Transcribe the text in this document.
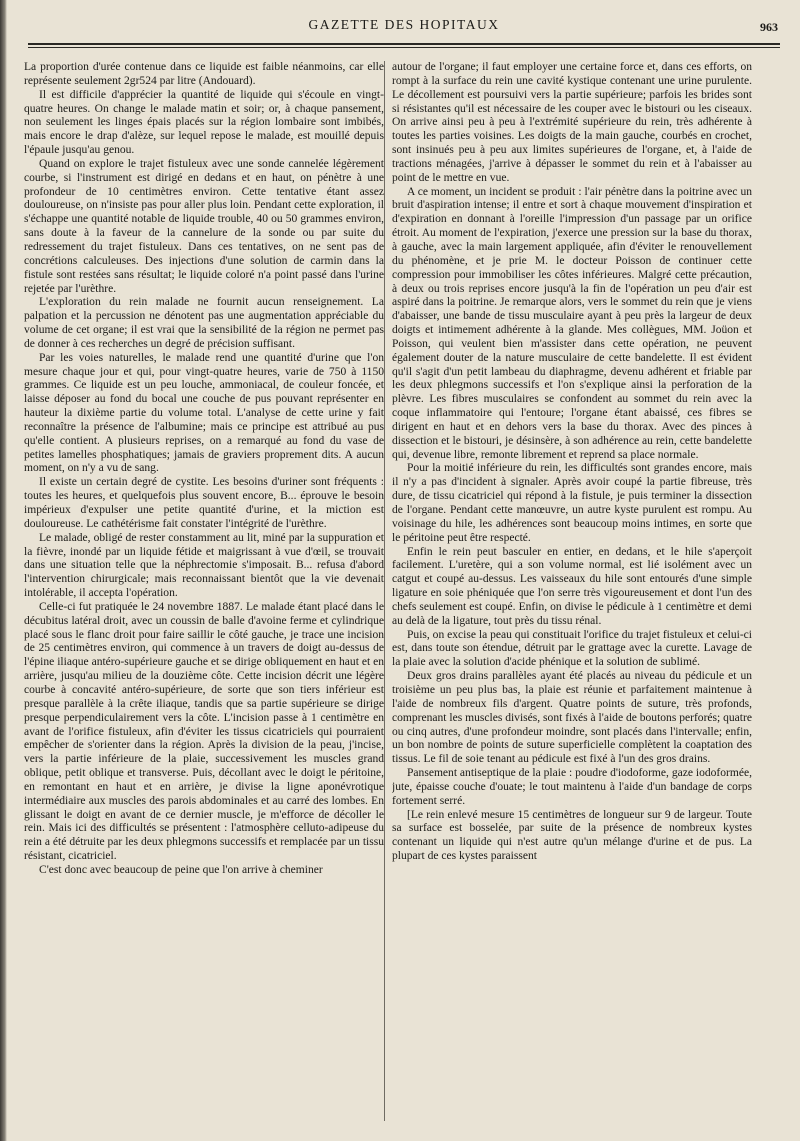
GAZETTE DES HOPITAUX	963

La proportion d'urée contenue dans ce liquide est faible néanmoins, car elle représente seulement 2gr524 par litre (Andouard).

Il est difficile d'apprécier la quantité de liquide qui s'écoule en vingt-quatre heures. On change le malade matin et soir; or, à chaque pansement, non seulement les linges épais placés sur la région lombaire sont imbibés, mais encore le drap d'alèze, sur lequel repose le malade, est mouillé depuis l'épaule jusqu'au genou.

Quand on explore le trajet fistuleux avec une sonde cannelée légèrement courbe, si l'instrument est dirigé en dedans et en haut, on pénètre à une profondeur de 10 centimètres environ. Cette tentative étant assez douloureuse, on n'insiste pas pour aller plus loin. Pendant cette exploration, il s'échappe une quantité notable de liquide trouble, 40 ou 50 grammes environ, sans doute à la faveur de la cannelure de la sonde ou par suite du redressement du trajet fistuleux. Dans ces tentatives, on ne sent pas de concrétions calculeuses. Des injections d'une solution de carmin dans la fistule sont restées sans résultat; le liquide coloré n'a point passé dans l'urine rejetée par l'urèthre.

L'exploration du rein malade ne fournit aucun renseignement. La palpation et la percussion ne dénotent pas une augmentation appréciable du volume de cet organe; il est vrai que la sensibilité de la région ne permet pas de donner à ces recherches un degré de précision suffisant.

Par les voies naturelles, le malade rend une quantité d'urine que l'on mesure chaque jour et qui, pour vingt-quatre heures, varie de 750 à 1150 grammes. Ce liquide est un peu louche, ammoniacal, de couleur foncée, et laisse déposer au fond du bocal une couche de pus pouvant représenter en hauteur la dixième partie du volume total. L'analyse de cette urine y fait reconnaître la présence de l'albumine; mais ce principe est attribué au pus qu'elle contient. A plusieurs reprises, on a remarqué au fond du vase de petites lamelles phosphatiques; jamais de graviers proprement dits. A aucun moment, on n'y a vu de sang.

Il existe un certain degré de cystite. Les besoins d'uriner sont fréquents : toutes les heures, et quelquefois plus souvent encore, B... éprouve le besoin impérieux d'expulser une petite quantité d'urine, et la miction est douloureuse. Le cathétérisme fait constater l'intégrité de l'urèthre.

Le malade, obligé de rester constamment au lit, miné par la suppuration et la fièvre, inondé par un liquide fétide et maigrissant à vue d'œil, se trouvait dans une situation telle que la néphrectomie s'imposait. B... refusa d'abord l'intervention chirurgicale; mais reconnaissant bientôt que la vie devenait intolérable, il accepta l'opération.

Celle-ci fut pratiquée le 24 novembre 1887. Le malade étant placé dans le décubitus latéral droit, avec un coussin de balle d'avoine ferme et cylindrique placé sous le flanc droit pour faire saillir le côté gauche, je trace une incision de 25 centimètres environ, qui commence à un travers de doigt au-dessus de l'épine iliaque antéro-supérieure gauche et se dirige obliquement en haut et en arrière, jusqu'au milieu de la douzième côte. Cette incision décrit une légère courbe à concavité antéro-supérieure, de sorte que son tiers inférieur est presque parallèle à la crête iliaque, tandis que sa partie supérieure se dirige presque perpendiculairement vers la côte. L'incision passe à 1 centimètre en avant de l'orifice fistuleux, afin d'éviter les tissus cicatriciels qui pourraient empêcher de s'orienter dans la région. Après la division de la peau, j'incise, vers la partie inférieure de la plaie, successivement les muscles grand oblique, petit oblique et transverse. Puis, décollant avec le doigt le péritoine, en remontant en haut et en arrière, je divise la ligne aponévrotique intermédiaire aux muscles des parois abdominales et au carré des lombes. En glissant le doigt en avant de ce dernier muscle, je m'efforce de décoller le rein. Mais ici des difficultés se présentent : l'atmosphère celluto-adipeuse du rein a été détruite par les deux phlegmons successifs et remplacée par un tissu résistant, cicatriciel.

C'est donc avec beaucoup de peine que l'on arrive à cheminer

autour de l'organe; il faut employer une certaine force et, dans ces efforts, on rompt à la surface du rein une cavité kystique contenant une urine purulente. Le décollement est poursuivi vers la partie supérieure; parfois les brides sont si résistantes qu'il est nécessaire de les couper avec le bistouri ou les ciseaux. On arrive ainsi peu à peu à l'extrémité supérieure du rein, très adhérente à toutes les parties voisines. Les doigts de la main gauche, courbés en crochet, sont insinués peu à peu aux limites supérieures de l'organe, et, à l'aide de tractions ménagées, j'arrive à dépasser le sommet du rein et à l'abaisser au point de le mettre en vue.

A ce moment, un incident se produit : l'air pénètre dans la poitrine avec un bruit d'aspiration intense; il entre et sort à chaque mouvement d'inspiration et d'expiration en donnant à l'oreille l'impression d'un passage par un orifice étroit. Au moment de l'expiration, j'exerce une pression sur la base du thorax, à gauche, avec la main largement appliquée, afin d'éviter le renouvellement du phénomène, et je prie M. le docteur Poisson de continuer cette compression pour immobiliser les côtes inférieures. Malgré cette précaution, à deux ou trois reprises encore jusqu'à la fin de l'opération un peu d'air est aspiré dans la poitrine. Je remarque alors, vers le sommet du rein que je viens d'abaisser, une bande de tissu musculaire ayant à peu près la largeur de deux doigts et intimement adhérente à la glande. Mes collègues, MM. Joüon et Poisson, qui veulent bien m'assister dans cette opération, ne peuvent également douter de la nature musculaire de cette bandelette. Il est évident qu'il s'agit d'un petit lambeau du diaphragme, devenu adhérent et friable par les deux phlegmons successifs et l'on s'explique ainsi la perforation de la plèvre. Les fibres musculaires se confondent au sommet du rein avec la coque inflammatoire qui l'entoure; l'organe étant abaissé, ces fibres se dirigent en haut et en dehors vers la base du thorax. Avec des pinces à dissection et le bistouri, je désinsère, à son adhérence au rein, cette bandelette qui, devenue libre, remonte librement et reprend sa place normale.

Pour la moitié inférieure du rein, les difficultés sont grandes encore, mais il n'y a pas d'incident à signaler. Après avoir coupé la partie fibreuse, très dure, de tissu cicatriciel qui répond à la fistule, je puis terminer la dissection de l'organe. Pendant cette manœuvre, un autre kyste purulent est rompu. Au voisinage du hile, les adhérences sont beaucoup moins intimes, en sorte que le péritoine peut être respecté.

Enfin le rein peut basculer en entier, en dedans, et le hile s'aperçoit facilement. L'uretère, qui a son volume normal, est lié isolément avec un catgut et coupé au-dessus. Les vaisseaux du hile sont entourés d'une simple ligature en soie phéniquée que l'on serre très vigoureusement et dont l'un des chefs seulement est coupé. Enfin, on divise le pédicule à 1 centimètre et demi au delà de la ligature, tout près du tissu rénal.

Puis, on excise la peau qui constituait l'orifice du trajet fistuleux et celui-ci est, dans toute son étendue, détruit par le grattage avec la curette. Lavage de la plaie avec la solution d'acide phénique et la solution de sublimé.

Deux gros drains parallèles ayant été placés au niveau du pédicule et un troisième un peu plus bas, la plaie est réunie et parfaitement maintenue à l'aide de nombreux fils d'argent. Quatre points de suture, très profonds, comprenant les muscles divisés, sont fixés à l'aide de boutons perforés; quatre ou cinq autres, d'une profondeur moindre, sont placés dans l'intervalle; enfin, un bon nombre de points de suture superficielle complètent la coaptation des tissus. Le fil de soie tenant au pédicule est fixé à l'un des gros drains.

Pansement antiseptique de la plaie : poudre d'iodoforme, gaze iodoformée, jute, épaisse couche d'ouate; le tout maintenu à l'aide d'un bandage de corps fortement serré.

[Le rein enlevé mesure 15 centimètres de longueur sur 9 de largeur. Toute sa surface est bosselée, par suite de la présence de nombreux kystes contenant un liquide qui n'est autre qu'un mélange d'urine et de pus. La plupart de ces kystes paraissent
